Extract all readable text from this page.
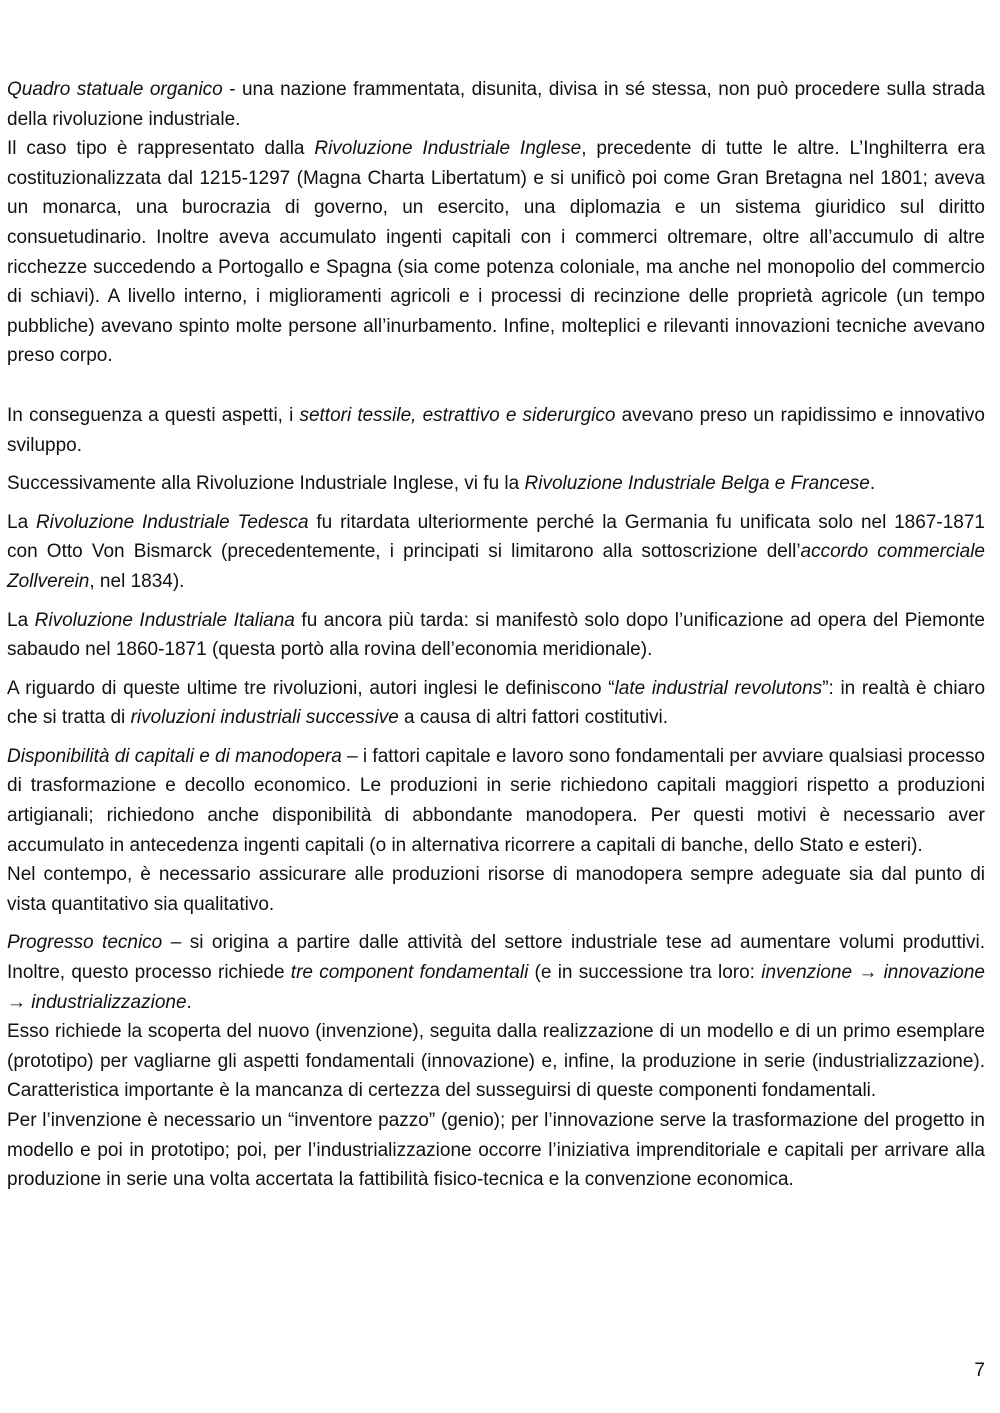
Quadro statuale organico - una nazione frammentata, disunita, divisa in sé stessa, non può procedere sulla strada della rivoluzione industriale.

Il caso tipo è rappresentato dalla Rivoluzione Industriale Inglese, precedente di tutte le altre. L’Inghilterra era costituzionalizzata dal 1215-1297 (Magna Charta Libertatum) e si unificò poi come Gran Bretagna nel 1801; aveva un monarca, una burocrazia di governo, un esercito, una diplomazia e un sistema giuridico sul diritto consuetudinario. Inoltre aveva accumulato ingenti capitali con i commerci oltremare, oltre all’accumulo di altre ricchezze succedendo a Portogallo e Spagna (sia come potenza coloniale, ma anche nel monopolio del commercio di schiavi). A livello interno, i miglioramenti agricoli e i processi di recinzione delle proprietà agricole (un tempo pubbliche) avevano spinto molte persone all’inurbamento. Infine, molteplici e rilevanti innovazioni tecniche avevano preso corpo.

In conseguenza a questi aspetti, i settori tessile, estrattivo e siderurgico avevano preso un rapidissimo e innovativo sviluppo.

Successivamente alla Rivoluzione Industriale Inglese, vi fu la Rivoluzione Industriale Belga e Francese.

La Rivoluzione Industriale Tedesca fu ritardata ulteriormente perché la Germania fu unificata solo nel 1867-1871 con Otto Von Bismarck (precedentemente, i principati si limitarono alla sottoscrizione dell’accordo commerciale Zollverein, nel 1834).

La Rivoluzione Industriale Italiana fu ancora più tarda: si manifestò solo dopo l’unificazione ad opera del Piemonte sabaudo nel 1860-1871 (questa portò alla rovina dell’economia meridionale).

A riguardo di queste ultime tre rivoluzioni, autori inglesi le definiscono “late industrial revolutons”: in realtà è chiaro che si tratta di rivoluzioni industriali successive a causa di altri fattori costitutivi.

Disponibilità di capitali e di manodopera – i fattori capitale e lavoro sono fondamentali per avviare qualsiasi processo di trasformazione e decollo economico. Le produzioni in serie richiedono capitali maggiori rispetto a produzioni artigianali; richiedono anche disponibilità di abbondante manodopera. Per questi motivi è necessario aver accumulato in antecedenza ingenti capitali (o in alternativa ricorrere a capitali di banche, dello Stato e esteri).

Nel contempo, è necessario assicurare alle produzioni risorse di manodopera sempre adeguate sia dal punto di vista quantitativo sia qualitativo.

Progresso tecnico – si origina a partire dalle attività del settore industriale tese ad aumentare volumi produttivi. Inoltre, questo processo richiede tre component fondamentali (e in successione tra loro: invenzione → innovazione → industrializzazione.

Esso richiede la scoperta del nuovo (invenzione), seguita dalla realizzazione di un modello e di un primo esemplare (prototipo) per vagliarne gli aspetti fondamentali (innovazione) e, infine, la produzione in serie (industrializzazione). Caratteristica importante è la mancanza di certezza del susseguirsi di queste componenti fondamentali.

Per l’invenzione è necessario un “inventore pazzo” (genio); per l’innovazione serve la trasformazione del progetto in modello e poi in prototipo; poi, per l’industrializzazione occorre l’iniziativa imprenditoriale e capitali per arrivare alla produzione in serie una volta accertata la fattibilità fisico-tecnica e la convenzione economica.

7
